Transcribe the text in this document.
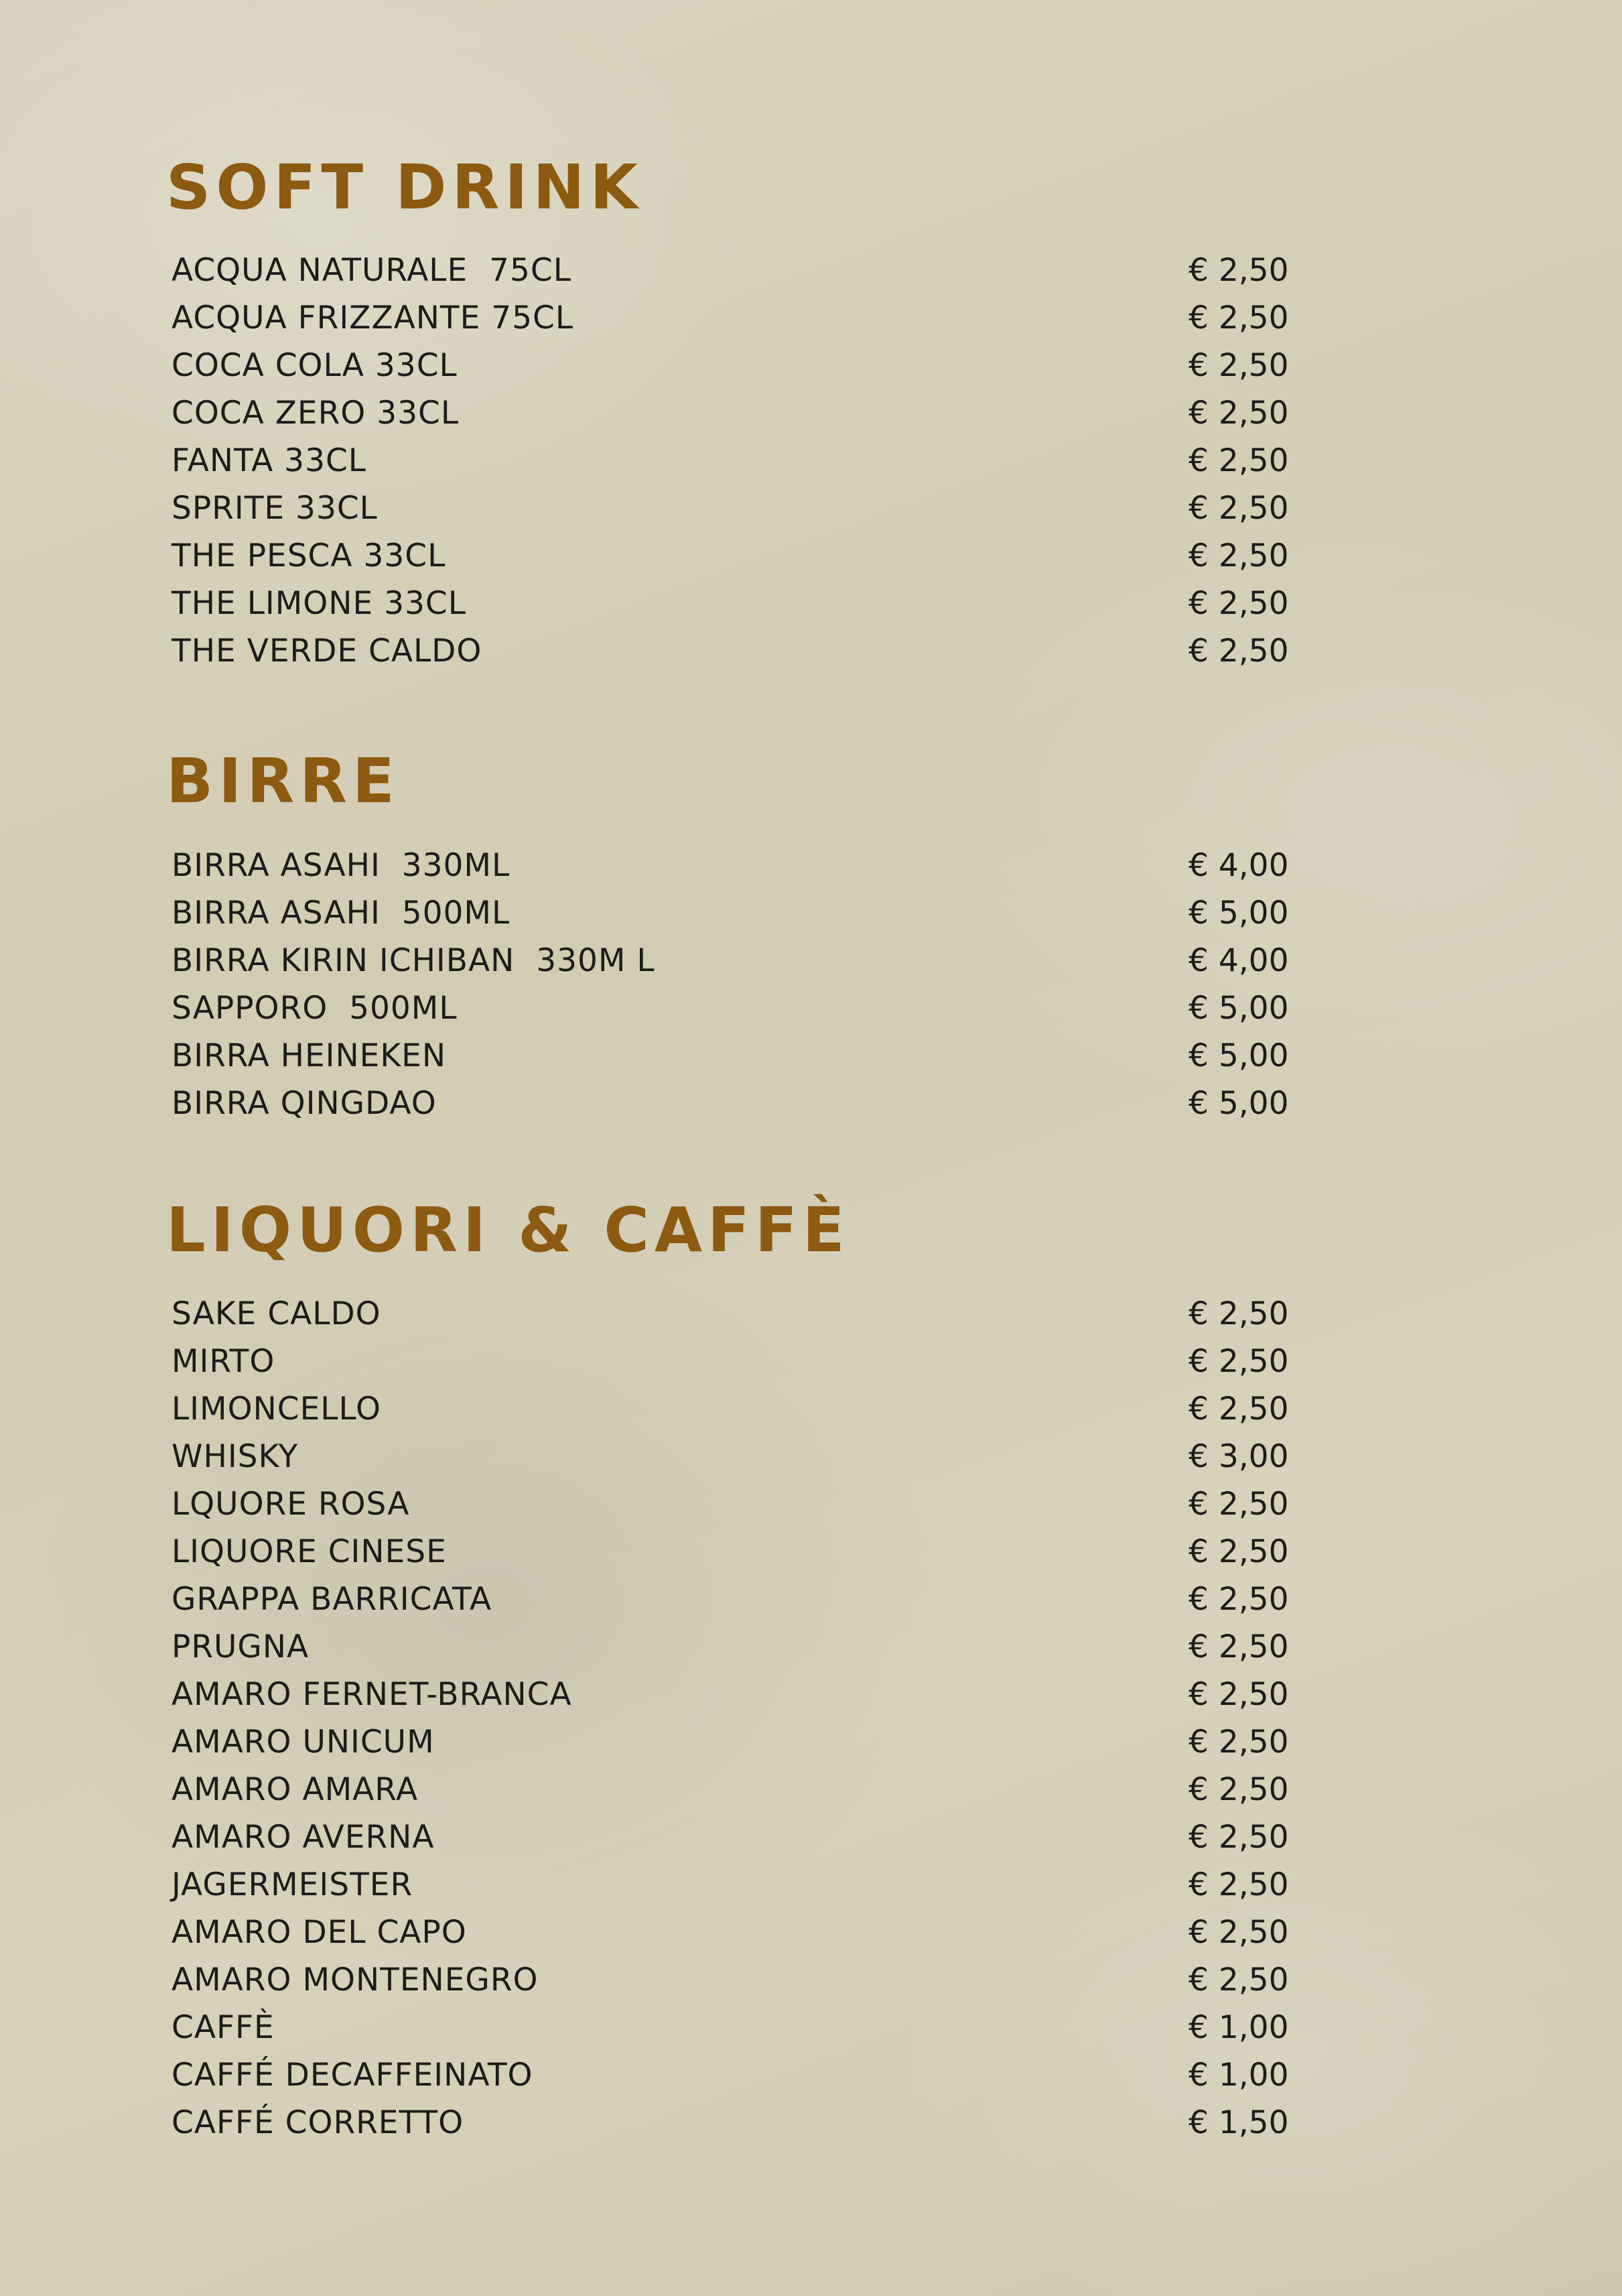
SOFT DRINK
ACQUA NATURALE  75CL	€ 2,50
ACQUA FRIZZANTE 75CL	€ 2,50
COCA COLA 33CL	€ 2,50
COCA ZERO 33CL	€ 2,50
FANTA 33CL	€ 2,50
SPRITE 33CL	€ 2,50
THE PESCA 33CL	€ 2,50
THE LIMONE 33CL	€ 2,50
THE VERDE CALDO	€ 2,50
BIRRE
BIRRA ASAHI  330ML	€ 4,00
BIRRA ASAHI  500ML	€ 5,00
BIRRA KIRIN ICHIBAN  330M L	€ 4,00
SAPPORO  500ML	€ 5,00
BIRRA HEINEKEN	€ 5,00
BIRRA QINGDAO	€ 5,00
LIQUORI & CAFFÈ
SAKE CALDO	€ 2,50
MIRTO	€ 2,50
LIMONCELLO	€ 2,50
WHISKY	€ 3,00
LQUORE ROSA	€ 2,50
LIQUORE CINESE	€ 2,50
GRAPPA BARRICATA	€ 2,50
PRUGNA	€ 2,50
AMARO FERNET-BRANCA	€ 2,50
AMARO UNICUM	€ 2,50
AMARO AMARA	€ 2,50
AMARO AVERNA	€ 2,50
JAGERMEISTER	€ 2,50
AMARO DEL CAPO	€ 2,50
AMARO MONTENEGRO	€ 2,50
CAFFÈ	€ 1,00
CAFFÉ DECAFFEINATO	€ 1,00
CAFFÉ CORRETTO	€ 1,50
